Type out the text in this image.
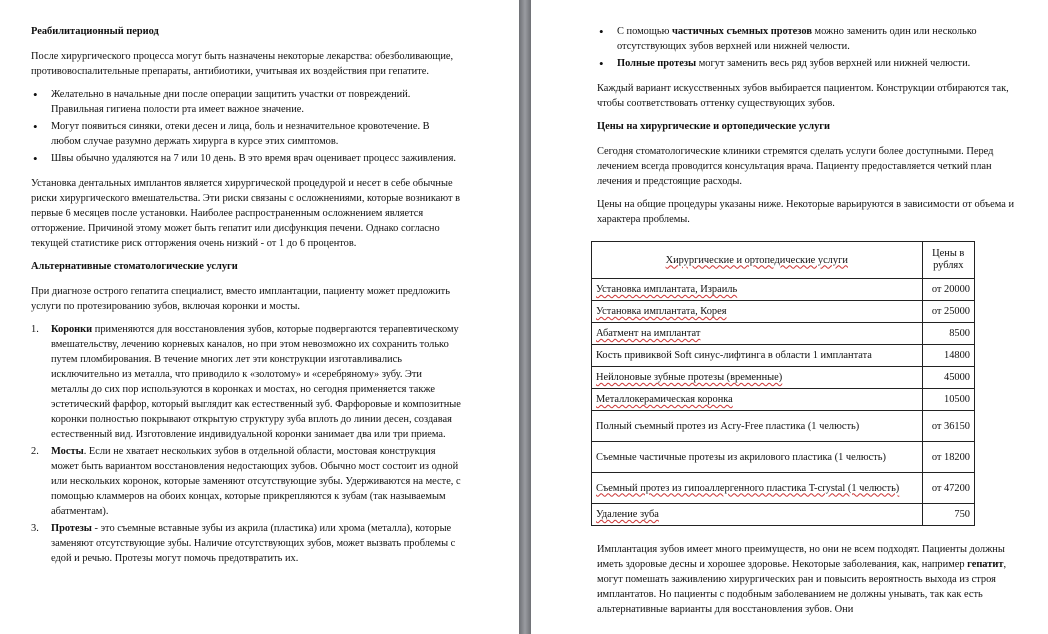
Реабилитационный период

После хирургического процесса могут быть назначены некоторые лекарства: обезболивающие, противовоспалительные препараты, антибиотики, учитывая их воздействия при гепатите.

• Желательно в начальные дни после операции защитить участки от повреждений. Правильная гигиена полости рта имеет важное значение.
• Могут появиться синяки, отеки десен и лица, боль и незначительное кровотечение. В любом случае разумно держать хирурга в курсе этих симптомов.
• Швы обычно удаляются на 7 или 10 день. В это время врач оценивает процесс заживления.

Установка дентальных имплантов является хирургической процедурой и несет в себе обычные риски хирургического вмешательства. Эти риски связаны с осложнениями, которые возникают в первые 6 месяцев после установки. Наиболее распространенным осложнением является отторжение. Причиной этому может быть гепатит или дисфункция печени. Однако согласно текущей статистике риск отторжения очень низкий - от 1 до 6 процентов.

Альтернативные стоматологические услуги

При диагнозе острого гепатита специалист, вместо имплантации, пациенту может предложить услуги по протезированию зубов, включая коронки и мосты.

1. Коронки применяются для восстановления зубов, которые подвергаются терапевтическому вмешательству, лечению корневых каналов, но при этом невозможно их сохранить только путем пломбирования. В течение многих лет эти конструкции изготавливались исключительно из металла, что приводило к «золотому» и «серебряному» зубу. Эти металлы до сих пор используются в коронках и мостах, но сегодня применяется также эстетический фарфор, который выглядит как естественный зуб. Фарфоровые и композитные коронки полностью покрывают открытую структуру зуба вплоть до линии десен, создавая естественный вид. Изготовление индивидуальной коронки занимает два или три приема.
2. Мосты. Если не хватает нескольких зубов в отдельной области, мостовая конструкция может быть вариантом восстановления недостающих зубов. Обычно мост состоит из одной или нескольких коронок, которые заменяют отсутствующие зубы. Удерживаются на месте, с помощью кламмеров на обоих концах, которые прикрепляются к зубам (так называемым абатментам).
3. Протезы - это съемные вставные зубы из акрила (пластика) или хрома (металла), которые заменяют отсутствующие зубы. Наличие отсутствующих зубов, может вызвать проблемы с едой и речью. Протезы могут помочь предотвратить их.
• С помощью частичных съемных протезов можно заменить один или несколько отсутствующих зубов верхней или нижней челюсти.
• Полные протезы могут заменить весь ряд зубов верхней или нижней челюсти.

Каждый вариант искусственных зубов выбирается пациентом. Конструкции отбираются так, чтобы соответствовать оттенку существующих зубов.

Цены на хирургические и ортопедические услуги

Сегодня стоматологические клиники стремятся сделать услуги более доступными. Перед лечением всегда проводится консультация врача. Пациенту предоставляется четкий план лечения и предстоящие расходы.

Цены на общие процедуры указаны ниже. Некоторые варьируются в зависимости от объема и характера проблемы.

Хирургические и ортопедические услуги	Цены в рублях
Установка имплантата, Израиль	от 20000
Установка имплантата, Корея	от 25000
Абатмент на имплантат	8500
Кость привиквой Soft синус-лифтинга в области 1 имплантата	14800
Нейлоновые зубные протезы (временные)	45000
Металлокерамическая коронка	10500
Полный съемный протез из Acry-Free пластика (1 челюсть)	от 36150
Съемные частичные протезы из акрилового пластика (1 челюсть)	от 18200
Съемный протез из гипоаллергенного пластика T-crystal (1 челюсть)	от 47200
Удаление зуба	750

Имплантация зубов имеет много преимуществ, но они не всем подходят. Пациенты должны иметь здоровые десны и хорошее здоровье. Некоторые заболевания, как, например гепатит, могут помешать заживлению хирургических ран и повысить вероятность выхода из строя имплантатов. Но пациенты с подобным заболеванием не должны унывать, так как есть альтернативные варианты для восстановления зубов. Они
